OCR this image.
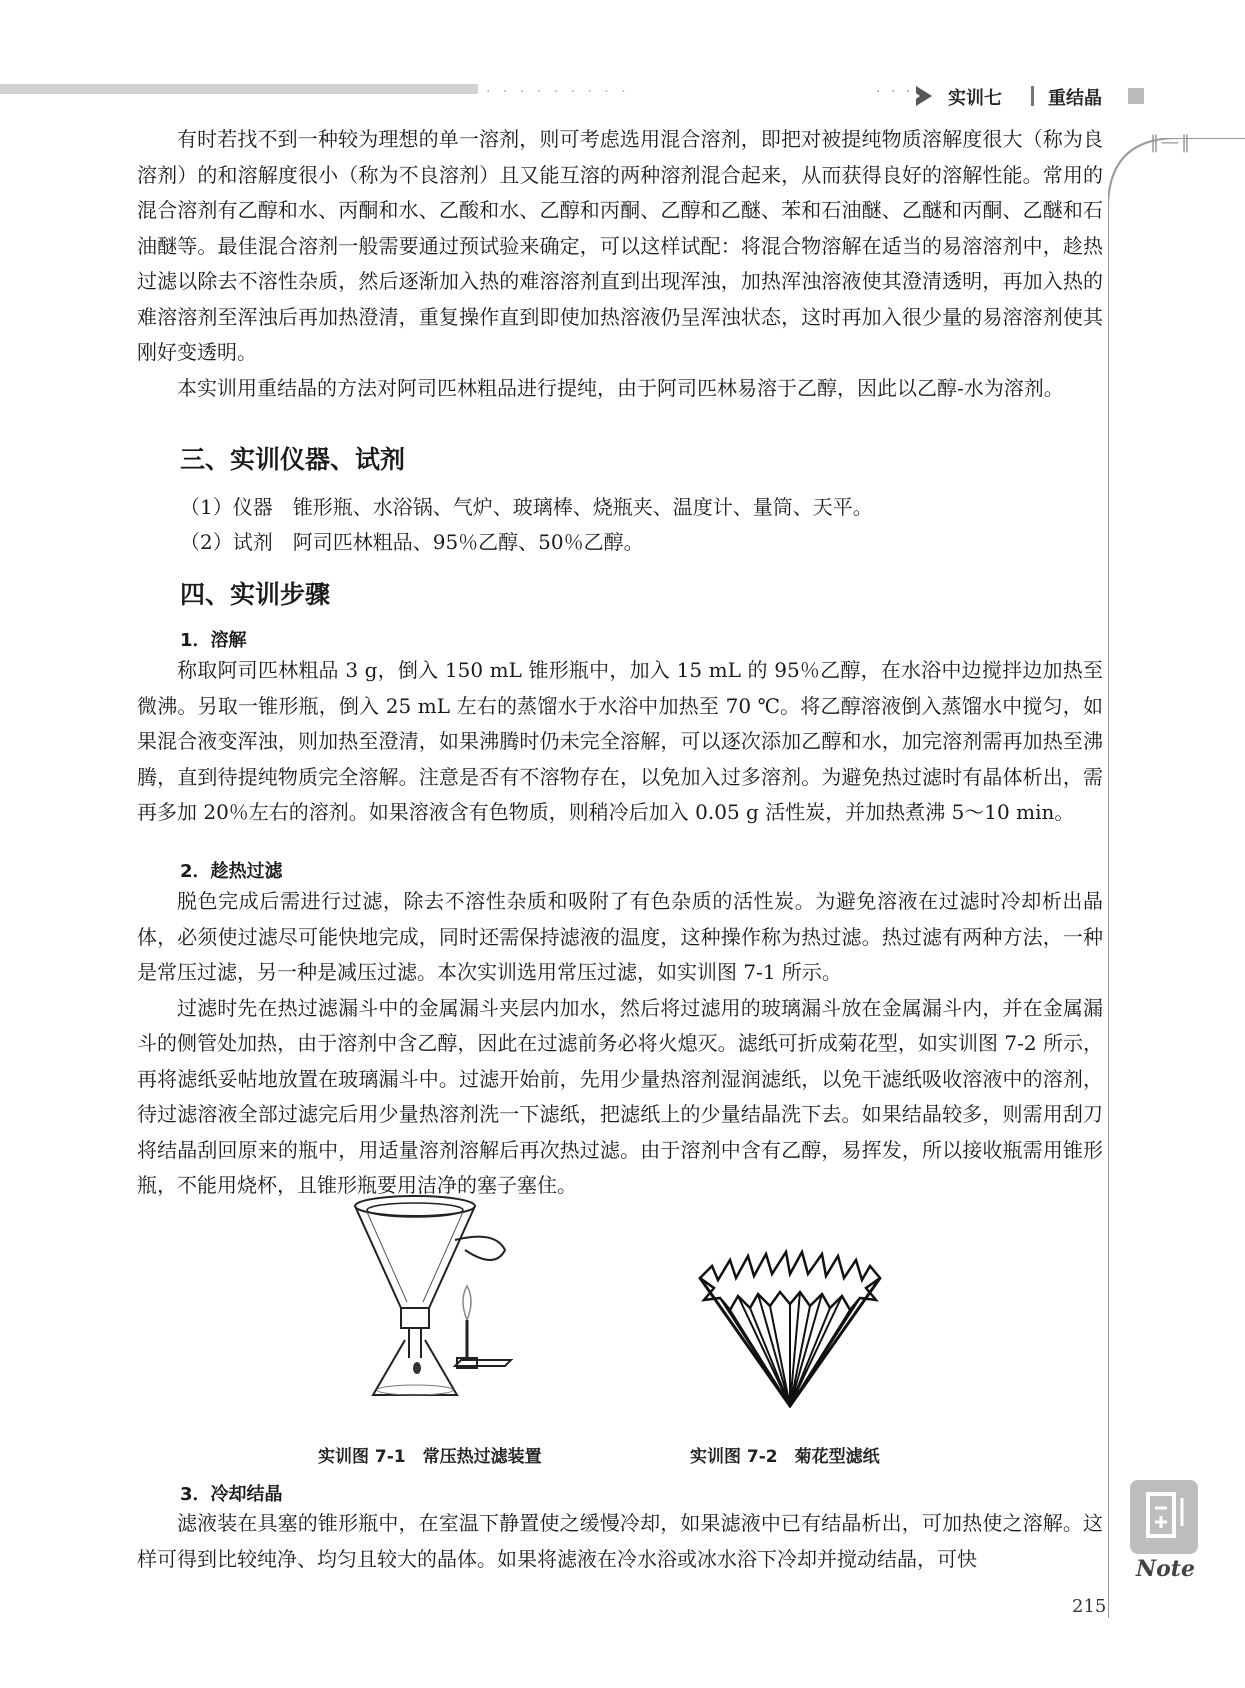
· · · · · · · · ·	· · · 实训七	重结晶
‖—‖

有时若找不到一种较为理想的单一溶剂，则可考虑选用混合溶剂，即把对被提纯物质溶解度很大（称为良溶剂）的和溶解度很小（称为不良溶剂）且又能互溶的两种溶剂混合起来，从而获得良好的溶解性能。常用的混合溶剂有乙醇和水、丙酮和水、乙酸和水、乙醇和丙酮、乙醇和乙醚、苯和石油醚、乙醚和丙酮、乙醚和石油醚等。最佳混合溶剂一般需要通过预试验来确定，可以这样试配：将混合物溶解在适当的易溶溶剂中，趁热过滤以除去不溶性杂质，然后逐渐加入热的难溶溶剂直到出现浑浊，加热浑浊溶液使其澄清透明，再加入热的难溶溶剂至浑浊后再加热澄清，重复操作直到即使加热溶液仍呈浑浊状态，这时再加入很少量的易溶溶剂使其刚好变透明。

本实训用重结晶的方法对阿司匹林粗品进行提纯，由于阿司匹林易溶于乙醇，因此以乙醇-水为溶剂。

三、实训仪器、试剂
（1）仪器　锥形瓶、水浴锅、气炉、玻璃棒、烧瓶夹、温度计、量筒、天平。
（2）试剂　阿司匹林粗品、95％乙醇、50％乙醇。
四、实训步骤
1．溶解

称取阿司匹林粗品 3 g，倒入 150 mL 锥形瓶中，加入 15 mL 的 95％乙醇，在水浴中边搅拌边加热至微沸。另取一锥形瓶，倒入 25 mL 左右的蒸馏水于水浴中加热至 70 ℃。将乙醇溶液倒入蒸馏水中搅匀，如果混合液变浑浊，则加热至澄清，如果沸腾时仍未完全溶解，可以逐次添加乙醇和水，加完溶剂需再加热至沸腾，直到待提纯物质完全溶解。注意是否有不溶物存在，以免加入过多溶剂。为避免热过滤时有晶体析出，需再多加 20％左右的溶剂。如果溶液含有色物质，则稍冷后加入 0.05 g 活性炭，并加热煮沸 5～10 min。

2．趁热过滤

脱色完成后需进行过滤，除去不溶性杂质和吸附了有色杂质的活性炭。为避免溶液在过滤时冷却析出晶体，必须使过滤尽可能快地完成，同时还需保持滤液的温度，这种操作称为热过滤。热过滤有两种方法，一种是常压过滤，另一种是减压过滤。本次实训选用常压过滤，如实训图 7-1 所示。

过滤时先在热过滤漏斗中的金属漏斗夹层内加水，然后将过滤用的玻璃漏斗放在金属漏斗内，并在金属漏斗的侧管处加热，由于溶剂中含乙醇，因此在过滤前务必将火熄灭。滤纸可折成菊花型，如实训图 7-2 所示，再将滤纸妥帖地放置在玻璃漏斗中。过滤开始前，先用少量热溶剂湿润滤纸，以免干滤纸吸收溶液中的溶剂，待过滤溶液全部过滤完后用少量热溶剂洗一下滤纸，把滤纸上的少量结晶洗下去。如果结晶较多，则需用刮刀将结晶刮回原来的瓶中，用适量溶剂溶解后再次热过滤。由于溶剂中含有乙醇，易挥发，所以接收瓶需用锥形瓶，不能用烧杯，且锥形瓶要用洁净的塞子塞住。

实训图 7-1　常压热过滤装置	实训图 7-2　菊花型滤纸
3．冷却结晶

滤液装在具塞的锥形瓶中，在室温下静置使之缓慢冷却，如果滤液中已有结晶析出，可加热使之溶解。这样可得到比较纯净、均匀且较大的晶体。如果将滤液在冷水浴或冰水浴下冷却并搅动结晶，可快	Note
215
